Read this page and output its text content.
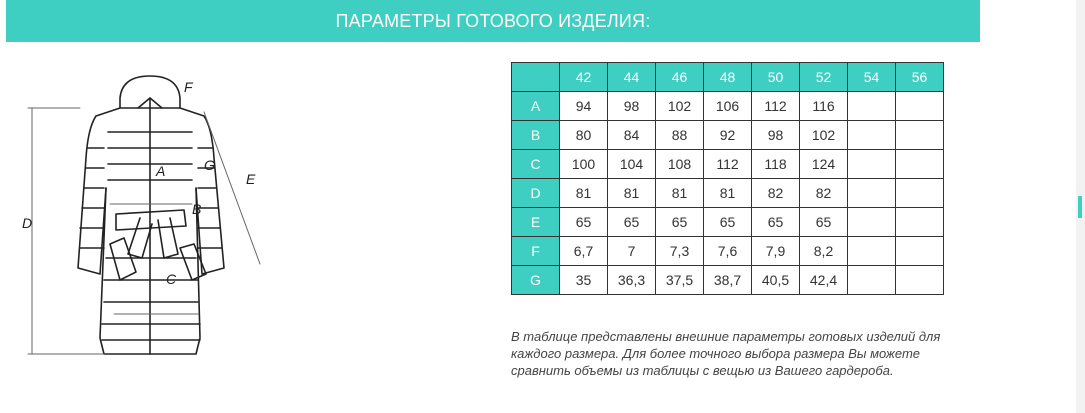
ПАРАМЕТРЫ ГОТОВОГО ИЗДЕЛИЯ:
A
B
C
D
E
F
G
	42	44	46	48	50	52	54	56
A	94	98	102	106	112	116		
B	80	84	88	92	98	102		
C	100	104	108	112	118	124		
D	81	81	81	81	82	82		
E	65	65	65	65	65	65		
F	6,7	7	7,3	7,6	7,9	8,2		
G	35	36,3	37,5	38,7	40,5	42,4		

В таблице представлены внешние параметры готовых изделий для каждого размера. Для более точного выбора размера Вы можете сравнить объемы из таблицы с вещью из Вашего гардероба.
